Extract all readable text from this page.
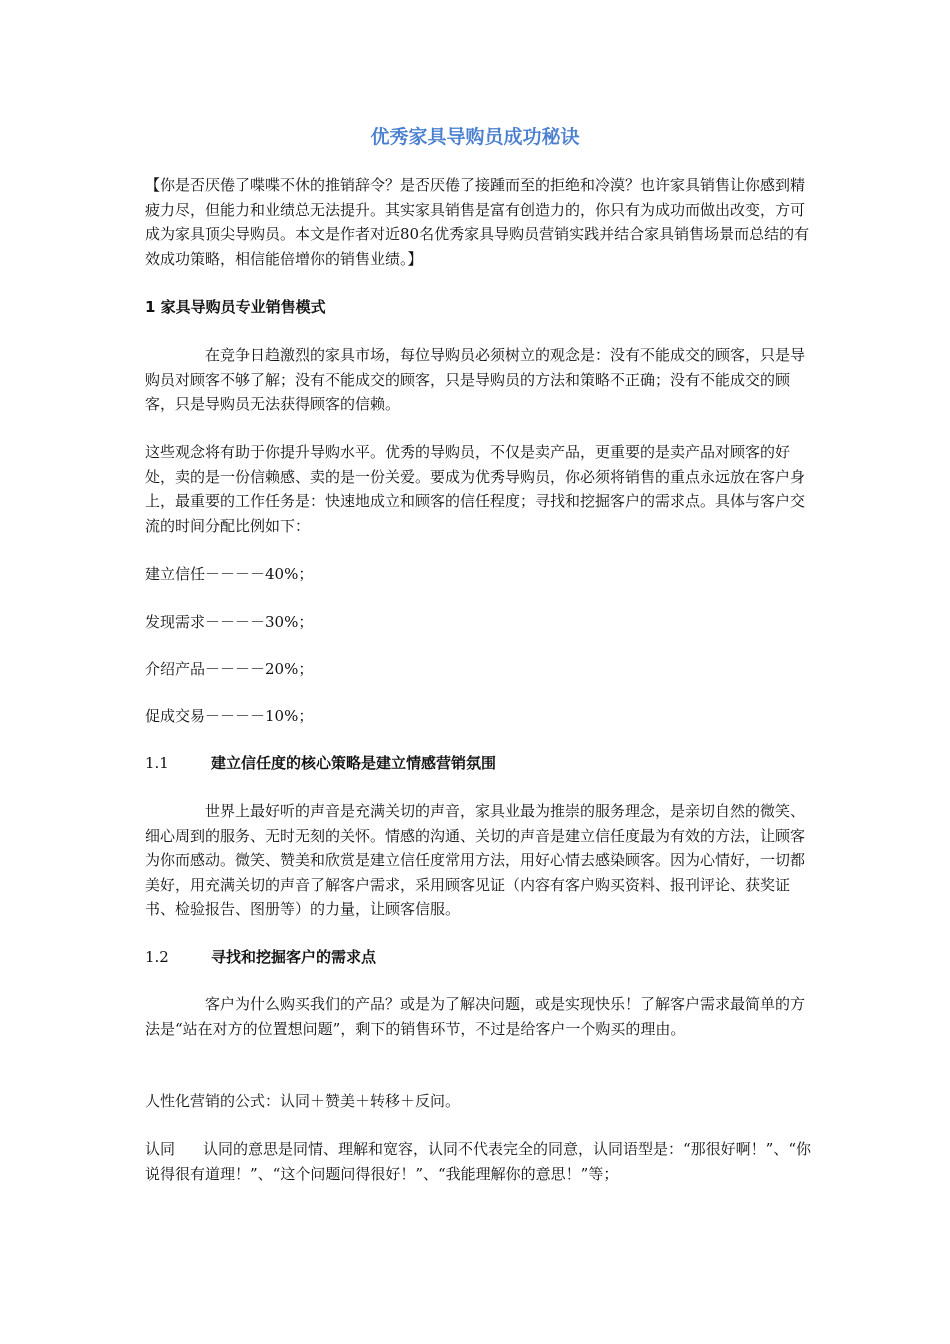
优秀家具导购员成功秘诀

【你是否厌倦了喋喋不休的推销辞令？是否厌倦了接踵而至的拒绝和冷漠？也许家具销售让你感到精疲力尽，但能力和业绩总无法提升。其实家具销售是富有创造力的，你只有为成功而做出改变，方可成为家具顶尖导购员。本文是作者对近80名优秀家具导购员营销实践并结合家具销售场景而总结的有效成功策略，相信能倍增你的销售业绩。】

1 家具导购员专业销售模式

在竞争日趋激烈的家具市场，每位导购员必须树立的观念是：没有不能成交的顾客，只是导购员对顾客不够了解；没有不能成交的顾客，只是导购员的方法和策略不正确；没有不能成交的顾客，只是导购员无法获得顾客的信赖。

这些观念将有助于你提升导购水平。优秀的导购员，不仅是卖产品，更重要的是卖产品对顾客的好处，卖的是一份信赖感、卖的是一份关爱。要成为优秀导购员，你必须将销售的重点永远放在客户身上，最重要的工作任务是：快速地成立和顾客的信任程度；寻找和挖掘客户的需求点。具体与客户交流的时间分配比例如下：

建立信任－－－－40%；

发现需求－－－－30%；

介绍产品－－－－20%；

促成交易－－－－10%；

1.1	建立信任度的核心策略是建立情感营销氛围

世界上最好听的声音是充满关切的声音，家具业最为推崇的服务理念，是亲切自然的微笑、细心周到的服务、无时无刻的关怀。情感的沟通、关切的声音是建立信任度最为有效的方法，让顾客为你而感动。微笑、赞美和欣赏是建立信任度常用方法，用好心情去感染顾客。因为心情好，一切都美好，用充满关切的声音了解客户需求，采用顾客见证（内容有客户购买资料、报刊评论、获奖证书、检验报告、图册等）的力量，让顾客信服。

1.2	寻找和挖掘客户的需求点

客户为什么购买我们的产品？或是为了解决问题，或是实现快乐！了解客户需求最简单的方法是“站在对方的位置想问题”，剩下的销售环节，不过是给客户一个购买的理由。

人性化营销的公式：认同＋赞美＋转移＋反问。

认同 认同的意思是同情、理解和宽容，认同不代表完全的同意，认同语型是：“那很好啊！”、“你说得很有道理！”、“这个问题问得很好！”、“我能理解你的意思！”等；
